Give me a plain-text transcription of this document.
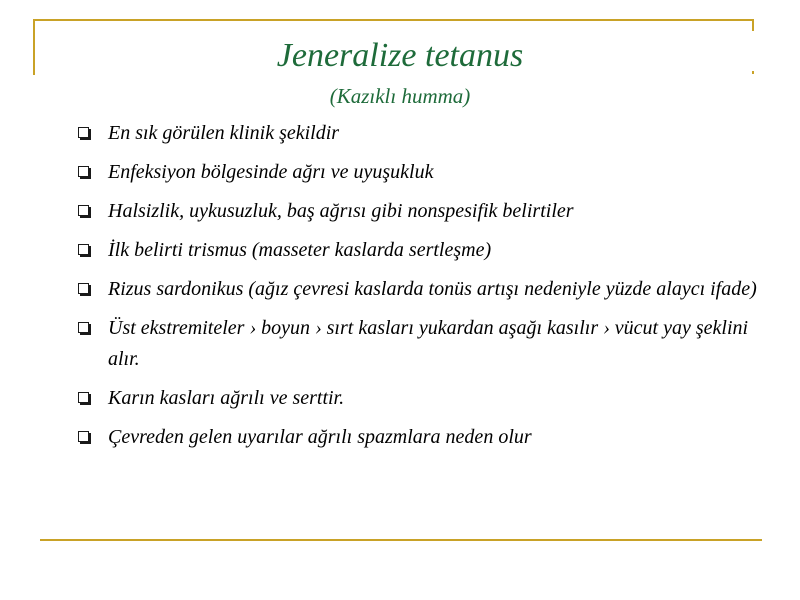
Jeneralize tetanus
(Kazıklı humma)
En sık görülen klinik şekildir
Enfeksiyon bölgesinde ağrı ve uyuşukluk
Halsizlik, uykusuzluk, baş ağrısı gibi nonspesifik belirtiler
İlk belirti trismus (masseter kaslarda sertleşme)
Rizus sardonikus (ağız çevresi kaslarda tonüs artışı nedeniyle yüzde alaycı ifade)
Üst ekstremiteler › boyun › sırt kasları yukardan aşağı kasılır › vücut yay şeklini alır.
Karın kasları ağrılı ve serttir.
Çevreden gelen uyarılar ağrılı spazmlara neden olur
